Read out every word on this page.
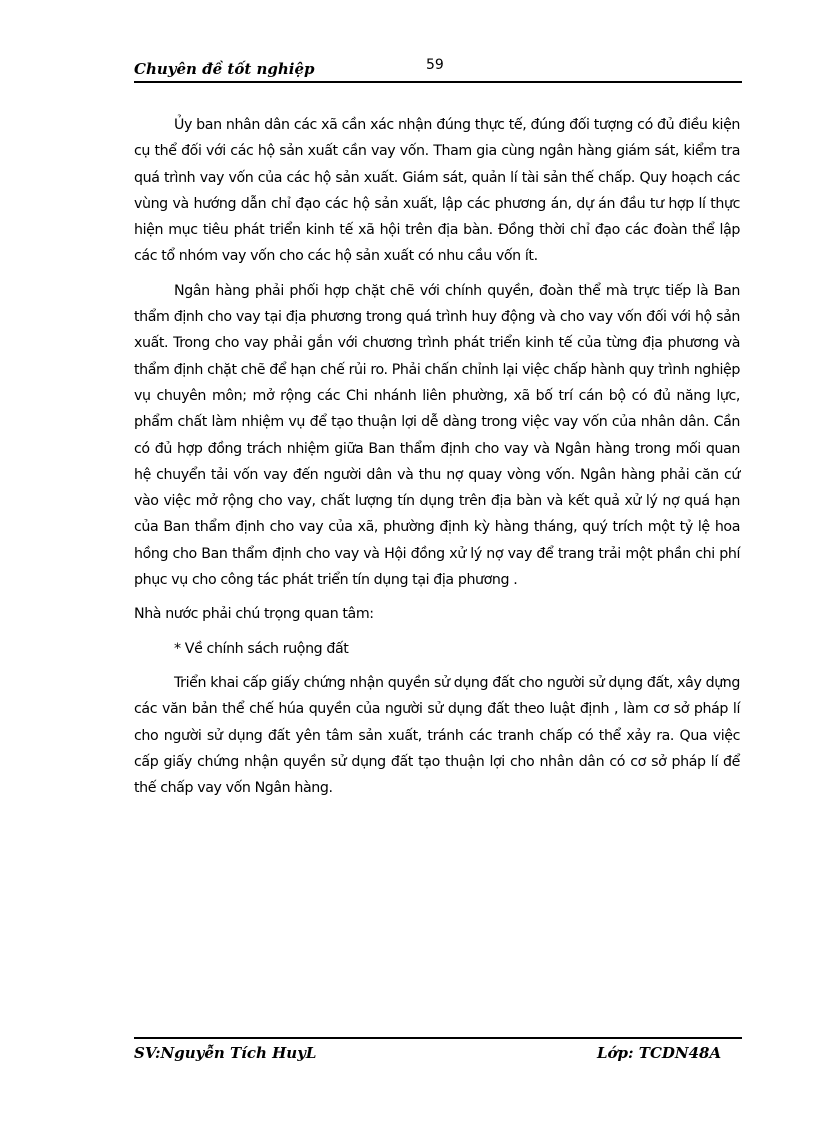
Chuyên đề tốt nghiệp	59

Ủy ban nhân dân các xã cần xác nhận đúng thực tế, đúng đối tượng có đủ điều kiện cụ thể đối với các hộ sản xuất cần vay vốn. Tham gia cùng ngân hàng giám sát, kiểm tra quá trình vay vốn của các hộ sản xuất. Giám sát, quản lí tài sản thế chấp. Quy hoạch các vùng và hướng dẫn chỉ đạo các hộ sản xuất, lập các phương án, dự án đầu tư hợp lí thực hiện mục tiêu phát triển kinh tế xã hội trên địa bàn. Đồng thời chỉ đạo các đoàn thể lập các tổ nhóm vay vốn cho các hộ sản xuất có nhu cầu vốn ít.

Ngân hàng phải phối hợp chặt chẽ với chính quyền, đoàn thể mà trực tiếp là Ban thẩm định cho vay tại địa phương trong quá trình huy động và cho vay vốn đối với hộ sản xuất. Trong cho vay phải gắn với chương trình phát triển kinh tế của từng địa phương và thẩm định chặt chẽ để hạn chế rủi ro. Phải chấn chỉnh lại việc chấp hành quy trình nghiệp vụ chuyên môn; mở rộng các Chi nhánh liên phường, xã bố trí cán bộ có đủ năng lực, phẩm chất làm nhiệm vụ để tạo thuận lợi dễ dàng trong việc vay vốn của nhân dân. Cần có đủ hợp đồng trách nhiệm giữa Ban thẩm định cho vay và Ngân hàng trong mối quan hệ chuyển tải vốn vay đến người dân và thu nợ quay vòng vốn. Ngân hàng phải căn cứ vào việc mở rộng cho vay, chất lượng tín dụng trên địa bàn và kết quả xử lý nợ quá hạn của Ban thẩm định cho vay của xã, phường định kỳ hàng tháng, quý trích một tỷ lệ hoa hồng cho Ban thẩm định cho vay và Hội đồng xử lý nợ vay để trang trải một phần chi phí phục vụ cho công tác phát triển tín dụng tại địa phương .

Nhà nước phải chú trọng quan tâm:

* Về chính sách ruộng đất

Triển khai cấp giấy chứng nhận quyền sử dụng đất cho người sử dụng đất, xây dựng các văn bản thể chế húa quyền của người sử dụng đất theo luật định , làm cơ sở pháp lí cho người sử dụng đất yên tâm sản xuất, tránh các tranh chấp có thể xảy ra. Qua việc cấp giấy chứng nhận quyền sử dụng đất tạo thuận lợi cho nhân dân có cơ sở pháp lí để thế chấp vay vốn Ngân hàng.

SV:Nguyễn Tích HuyL	Lớp: TCDN48A
